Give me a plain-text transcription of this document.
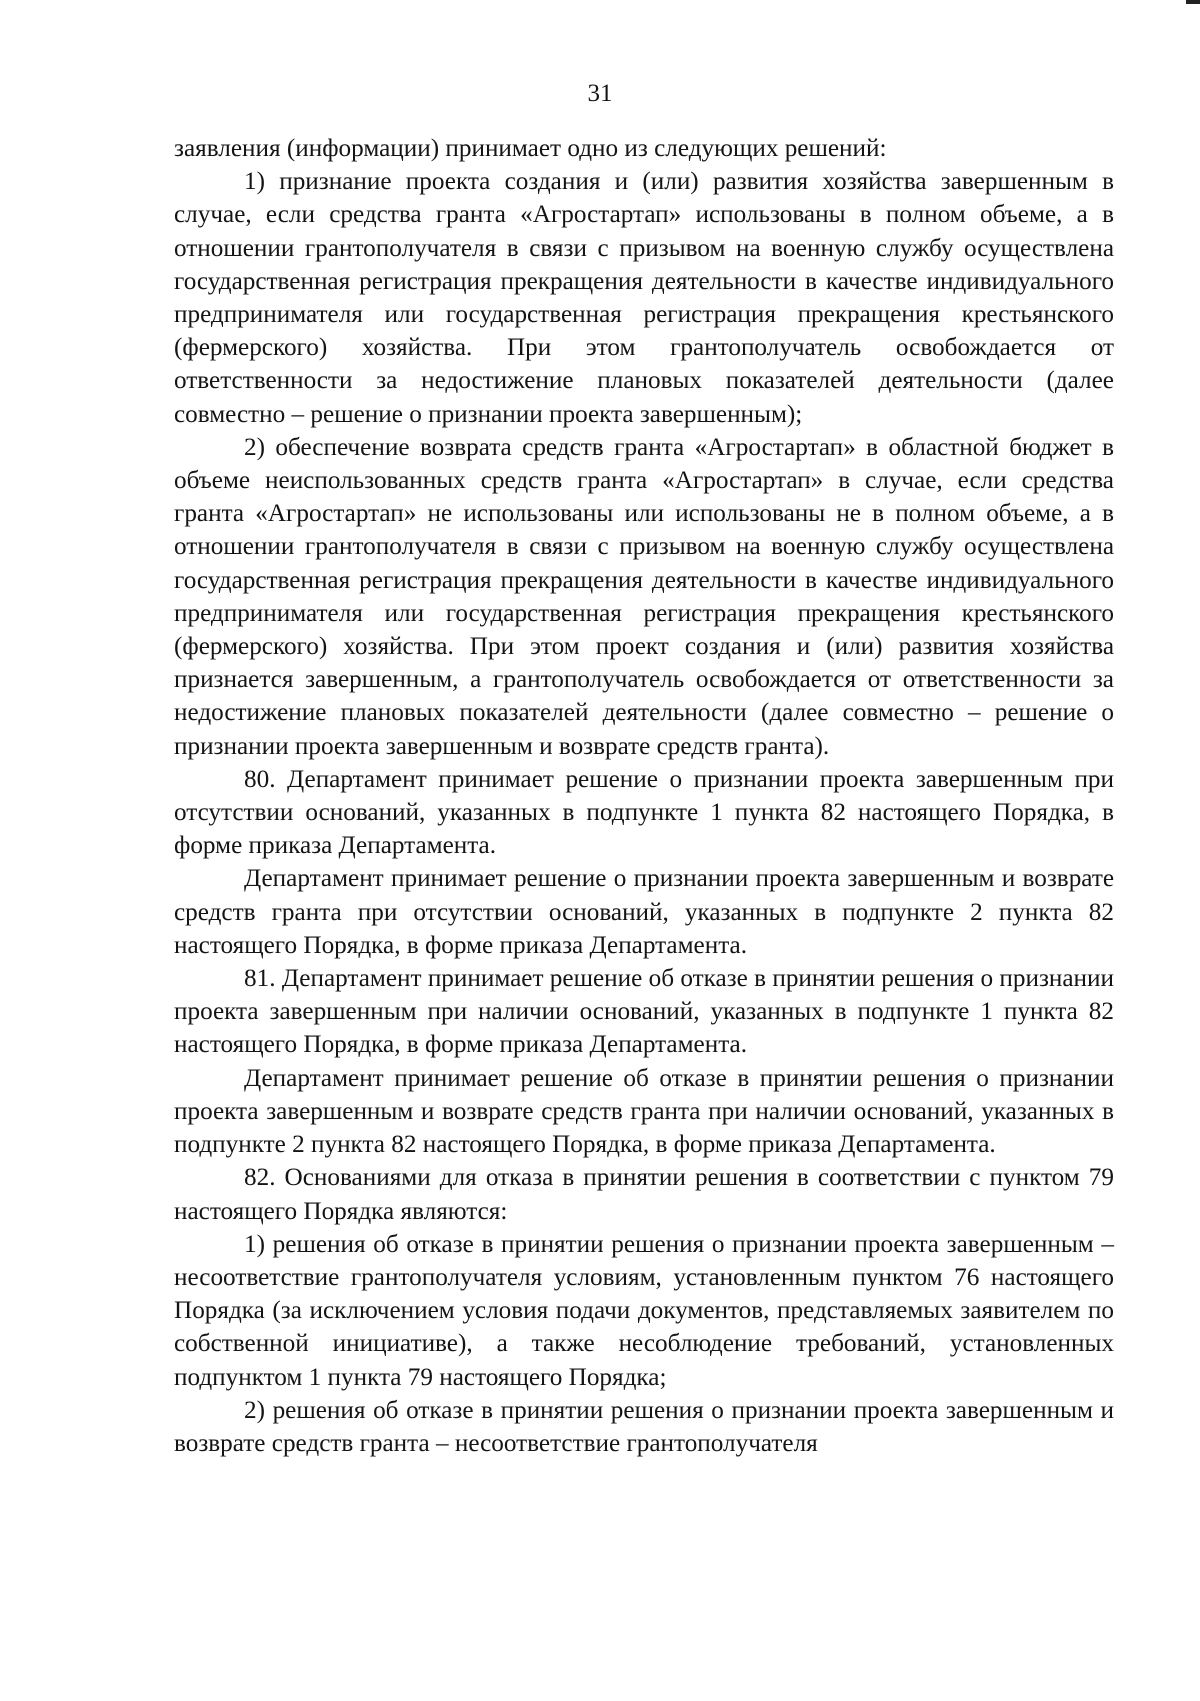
31

заявления (информации) принимает одно из следующих решений:

1) признание проекта создания и (или) развития хозяйства завершенным в случае, если средства гранта «Агростартап» использованы в полном объеме, а в отношении грантополучателя в связи с призывом на военную службу осуществлена государственная регистрация прекращения деятельности в качестве индивидуального предпринимателя или государственная регистрация прекращения крестьянского (фермерского) хозяйства. При этом грантополучатель освобождается от ответственности за недостижение плановых показателей деятельности (далее совместно – решение о признании проекта завершенным);

2) обеспечение возврата средств гранта «Агростартап» в областной бюджет в объеме неиспользованных средств гранта «Агростартап» в случае, если средства гранта «Агростартап» не использованы или использованы не в полном объеме, а в отношении грантополучателя в связи с призывом на военную службу осуществлена государственная регистрация прекращения деятельности в качестве индивидуального предпринимателя или государственная регистрация прекращения крестьянского (фермерского) хозяйства. При этом проект создания и (или) развития хозяйства признается завершенным, а грантополучатель освобождается от ответственности за недостижение плановых показателей деятельности (далее совместно – решение о признании проекта завершенным и возврате средств гранта).

80. Департамент принимает решение о признании проекта завершенным при отсутствии оснований, указанных в подпункте 1 пункта 82 настоящего Порядка, в форме приказа Департамента.

Департамент принимает решение о признании проекта завершенным и возврате средств гранта при отсутствии оснований, указанных в подпункте 2 пункта 82 настоящего Порядка, в форме приказа Департамента.

81. Департамент принимает решение об отказе в принятии решения о признании проекта завершенным при наличии оснований, указанных в подпункте 1 пункта 82 настоящего Порядка, в форме приказа Департамента.

Департамент принимает решение об отказе в принятии решения о признании проекта завершенным и возврате средств гранта при наличии оснований, указанных в подпункте 2 пункта 82 настоящего Порядка, в форме приказа Департамента.

82. Основаниями для отказа в принятии решения в соответствии с пунктом 79 настоящего Порядка являются:

1) решения об отказе в принятии решения о признании проекта завершенным – несоответствие грантополучателя условиям, установленным пунктом 76 настоящего Порядка (за исключением условия подачи документов, представляемых заявителем по собственной инициативе), а также несоблюдение требований, установленных подпунктом 1 пункта 79 настоящего Порядка;

2) решения об отказе в принятии решения о признании проекта завершенным и возврате средств гранта – несоответствие грантополучателя
